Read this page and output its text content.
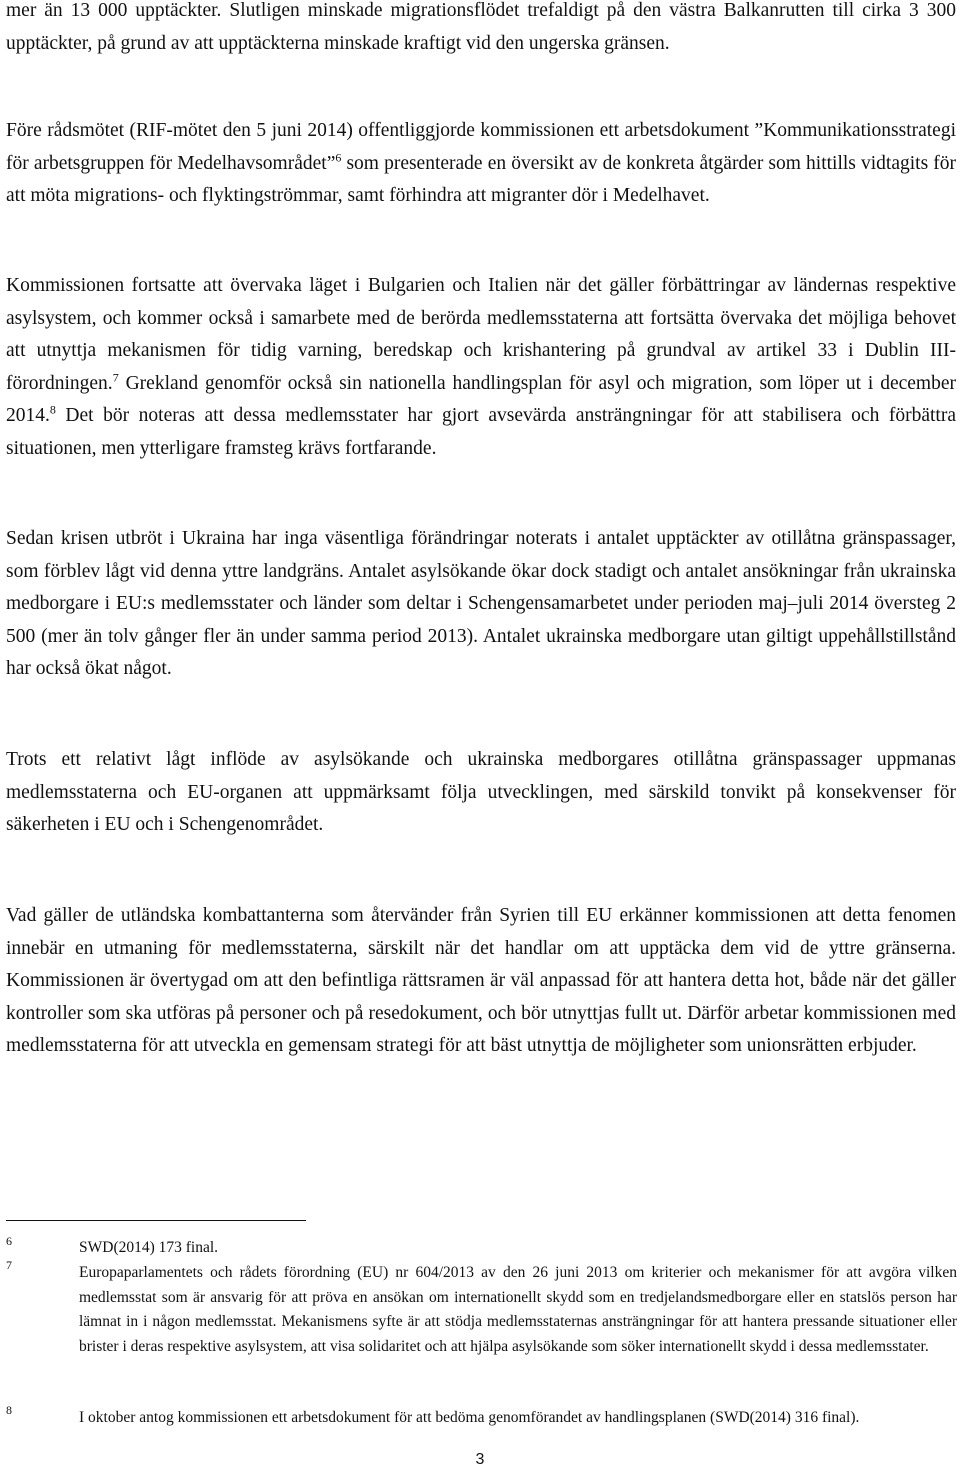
mer än 13 000 upptäckter. Slutligen minskade migrationsflödet trefaldigt på den västra Balkanrutten till cirka 3 300 upptäckter, på grund av att upptäckterna minskade kraftigt vid den ungerska gränsen.

Före rådsmötet (RIF-mötet den 5 juni 2014) offentliggjorde kommissionen ett arbetsdokument ”Kommunikationsstrategi för arbetsgruppen för Medelhavsområdet”$^6$ som presenterade en översikt av de konkreta åtgärder som hittills vidtagits för att möta migrations- och flyktingströmmar, samt förhindra att migranter dör i Medelhavet.

Kommissionen fortsatte att övervaka läget i Bulgarien och Italien när det gäller förbättringar av ländernas respektive asylsystem, och kommer också i samarbete med de berörda medlemsstaterna att fortsätta övervaka det möjliga behovet att utnyttja mekanismen för tidig varning, beredskap och krishantering på grundval av artikel 33 i Dublin III-förordningen.$^7$ Grekland genomför också sin nationella handlingsplan för asyl och migration, som löper ut i december 2014.$^8$ Det bör noteras att dessa medlemsstater har gjort avsevärda ansträngningar för att stabilisera och förbättra situationen, men ytterligare framsteg krävs fortfarande.

Sedan krisen utbröt i Ukraina har inga väsentliga förändringar noterats i antalet upptäckter av otillåtna gränspassager, som förblev lågt vid denna yttre landgräns. Antalet asylsökande ökar dock stadigt och antalet ansökningar från ukrainska medborgare i EU:s medlemsstater och länder som deltar i Schengensamarbetet under perioden maj–juli 2014 översteg 2 500 (mer än tolv gånger fler än under samma period 2013). Antalet ukrainska medborgare utan giltigt uppehållstillstånd har också ökat något.

Trots ett relativt lågt inflöde av asylsökande och ukrainska medborgares otillåtna gränspassager uppmanas medlemsstaterna och EU-organen att uppmärksamt följa utvecklingen, med särskild tonvikt på konsekvenser för säkerheten i EU och i Schengenområdet.

Vad gäller de utländska kombattanterna som återvänder från Syrien till EU erkänner kommissionen att detta fenomen innebär en utmaning för medlemsstaterna, särskilt när det handlar om att upptäcka dem vid de yttre gränserna. Kommissionen är övertygad om att den befintliga rättsramen är väl anpassad för att hantera detta hot, både när det gäller kontroller som ska utföras på personer och på resedokument, och bör utnyttjas fullt ut. Därför arbetar kommissionen med medlemsstaterna för att utveckla en gemensam strategi för att bäst utnyttja de möjligheter som unionsrätten erbjuder.

6	SWD(2014) 173 final.

7	Europaparlamentets och rådets förordning (EU) nr 604/2013 av den 26 juni 2013 om kriterier och mekanismer för att avgöra vilken medlemsstat som är ansvarig för att pröva en ansökan om internationellt skydd som en tredjelandsmedborgare eller en statslös person har lämnat in i någon medlemsstat. Mekanismens syfte är att stödja medlemsstaternas ansträngningar för att hantera pressande situationer eller brister i deras respektive asylsystem, att visa solidaritet och att hjälpa asylsökande som söker internationellt skydd i dessa medlemsstater.

8	I oktober antog kommissionen ett arbetsdokument för att bedöma genomförandet av handlingsplanen (SWD(2014) 316 final).

3
